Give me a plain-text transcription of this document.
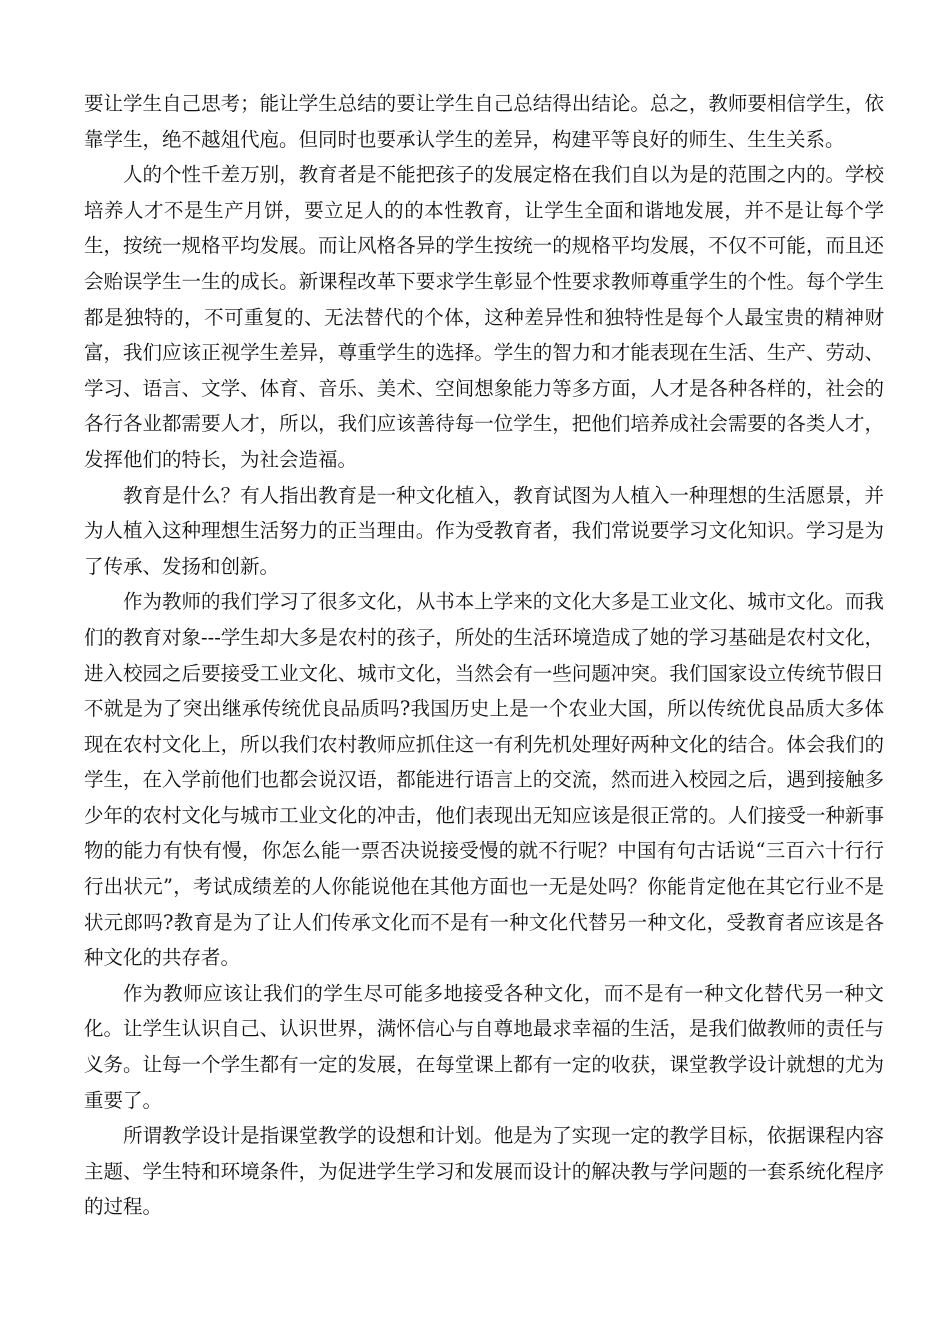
要让学生自己思考；能让学生总结的要让学生自己总结得出结论。总之，教师要相信学生，依靠学生，绝不越俎代庖。但同时也要承认学生的差异，构建平等良好的师生、生生关系。

人的个性千差万别，教育者是不能把孩子的发展定格在我们自以为是的范围之内的。学校培养人才不是生产月饼，要立足人的的本性教育，让学生全面和谐地发展，并不是让每个学生，按统一规格平均发展。而让风格各异的学生按统一的规格平均发展，不仅不可能，而且还会贻误学生一生的成长。新课程改革下要求学生彰显个性要求教师尊重学生的个性。每个学生都是独特的，不可重复的、无法替代的个体，这种差异性和独特性是每个人最宝贵的精神财富，我们应该正视学生差异，尊重学生的选择。学生的智力和才能表现在生活、生产、劳动、学习、语言、文学、体育、音乐、美术、空间想象能力等多方面，人才是各种各样的，社会的各行各业都需要人才，所以，我们应该善待每一位学生，把他们培养成社会需要的各类人才，发挥他们的特长，为社会造福。

教育是什么？有人指出教育是一种文化植入，教育试图为人植入一种理想的生活愿景，并为人植入这种理想生活努力的正当理由。作为受教育者，我们常说要学习文化知识。学习是为了传承、发扬和创新。

作为教师的我们学习了很多文化，从书本上学来的文化大多是工业文化、城市文化。而我们的教育对象---学生却大多是农村的孩子，所处的生活环境造成了她的学习基础是农村文化，进入校园之后要接受工业文化、城市文化，当然会有一些问题冲突。我们国家设立传统节假日不就是为了突出继承传统优良品质吗?我国历史上是一个农业大国，所以传统优良品质大多体现在农村文化上，所以我们农村教师应抓住这一有利先机处理好两种文化的结合。体会我们的学生，在入学前他们也都会说汉语，都能进行语言上的交流，然而进入校园之后，遇到接触多少年的农村文化与城市工业文化的冲击，他们表现出无知应该是很正常的。人们接受一种新事物的能力有快有慢，你怎么能一票否决说接受慢的就不行呢？中国有句古话说“三百六十行行行出状元”，考试成绩差的人你能说他在其他方面也一无是处吗？你能肯定他在其它行业不是状元郎吗?教育是为了让人们传承文化而不是有一种文化代替另一种文化，受教育者应该是各种文化的共存者。

作为教师应该让我们的学生尽可能多地接受各种文化，而不是有一种文化替代另一种文化。让学生认识自己、认识世界，满怀信心与自尊地最求幸福的生活，是我们做教师的责任与义务。让每一个学生都有一定的发展，在每堂课上都有一定的收获，课堂教学设计就想的尤为重要了。

所谓教学设计是指课堂教学的设想和计划。他是为了实现一定的教学目标，依据课程内容主题、学生特和环境条件，为促进学生学习和发展而设计的解决教与学问题的一套系统化程序的过程。
